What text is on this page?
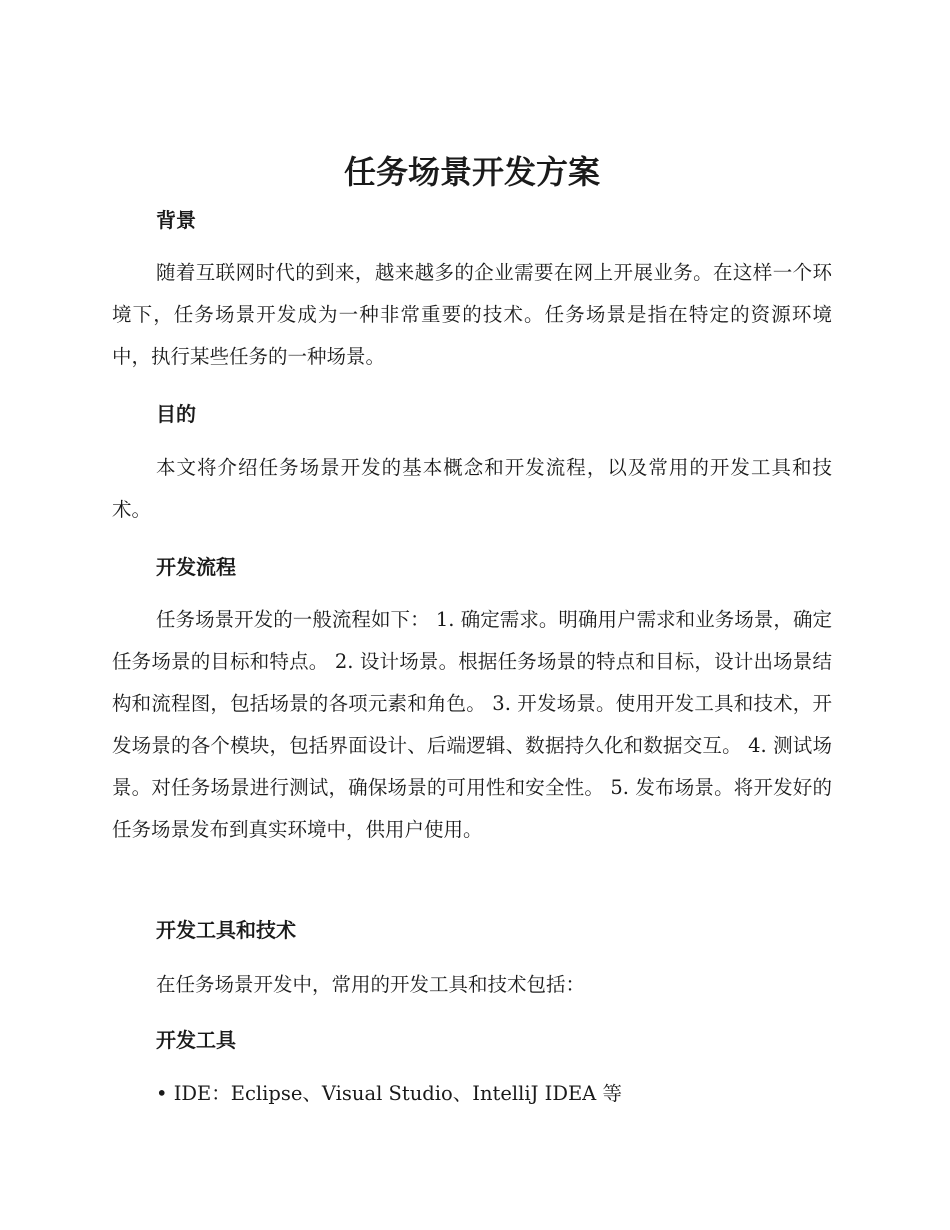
任务场景开发方案
背景

随着互联网时代的到来，越来越多的企业需要在网上开展业务。在这样一个环境下，任务场景开发成为一种非常重要的技术。任务场景是指在特定的资源环境中，执行某些任务的一种场景。

目的

本文将介绍任务场景开发的基本概念和开发流程，以及常用的开发工具和技术。

开发流程

任务场景开发的一般流程如下： 1. 确定需求。明确用户需求和业务场景，确定任务场景的目标和特点。 2. 设计场景。根据任务场景的特点和目标，设计出场景结构和流程图，包括场景的各项元素和角色。 3. 开发场景。使用开发工具和技术，开发场景的各个模块，包括界面设计、后端逻辑、数据持久化和数据交互。 4. 测试场景。对任务场景进行测试，确保场景的可用性和安全性。 5. 发布场景。将开发好的任务场景发布到真实环境中，供用户使用。

开发工具和技术

在任务场景开发中，常用的开发工具和技术包括：

开发工具

• IDE：Eclipse、Visual Studio、IntelliJ IDEA 等
